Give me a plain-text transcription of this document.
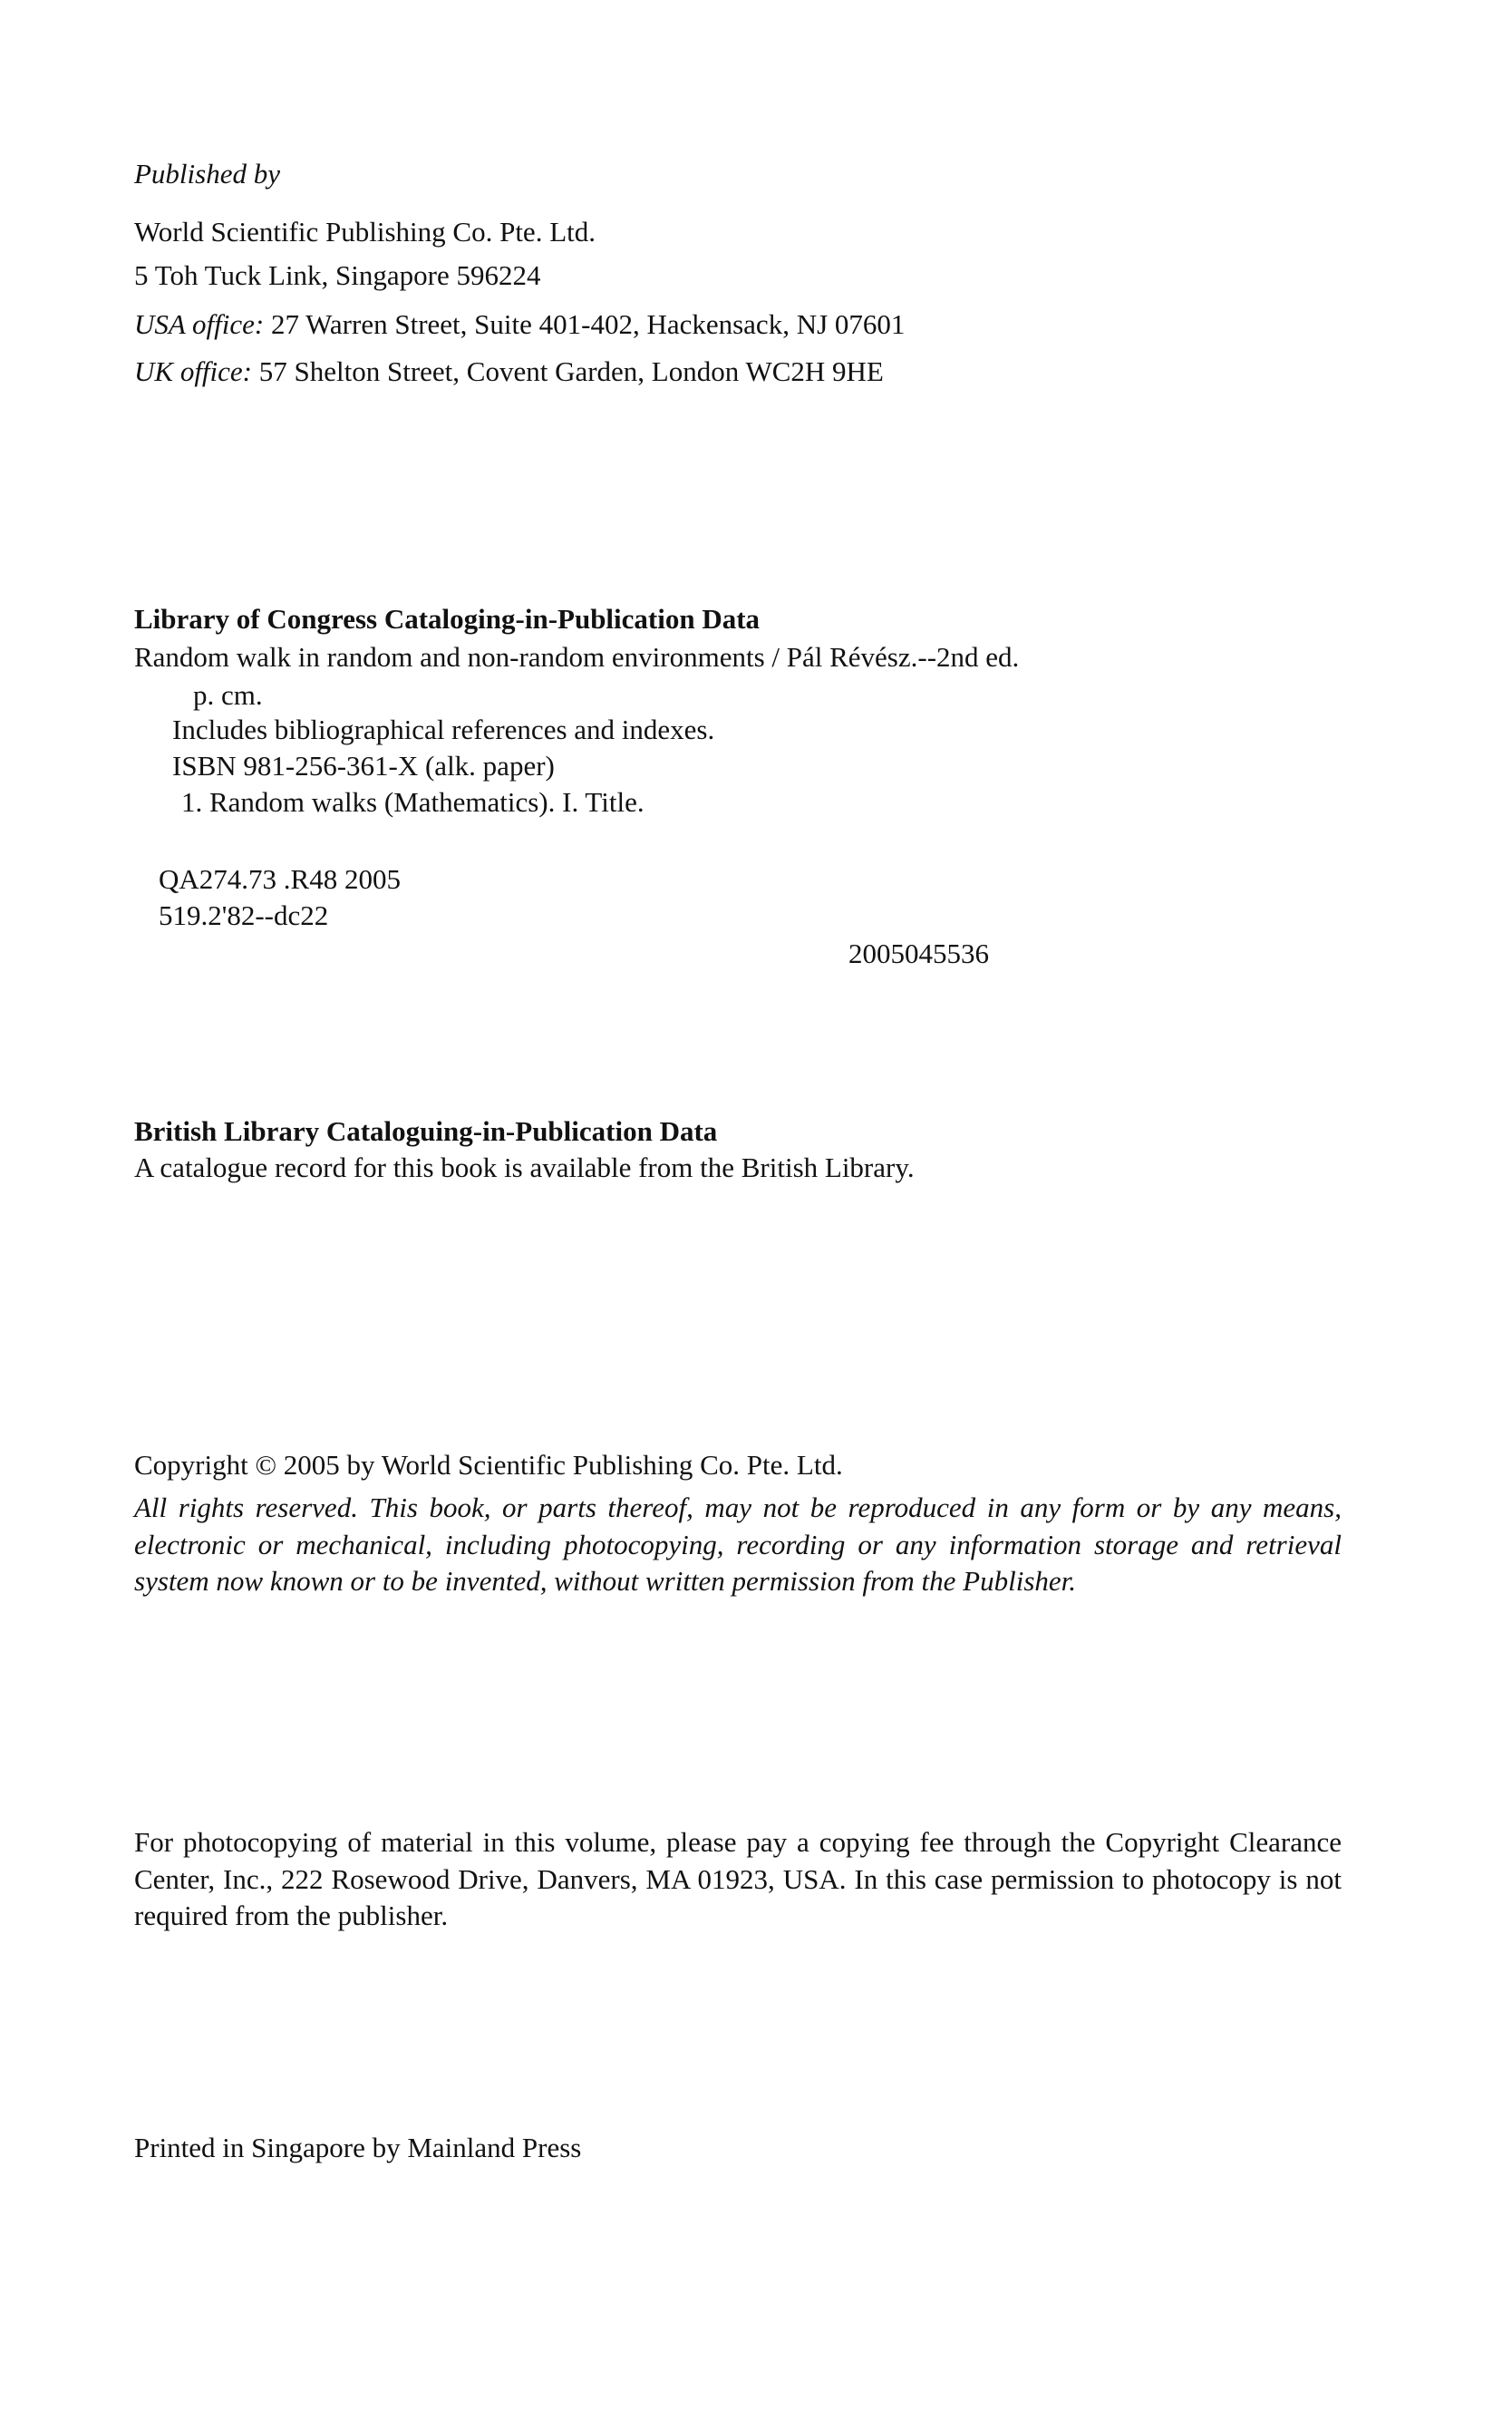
Published by
World Scientific Publishing Co. Pte. Ltd.
5 Toh Tuck Link, Singapore 596224
USA office: 27 Warren Street, Suite 401-402, Hackensack, NJ 07601
UK office: 57 Shelton Street, Covent Garden, London WC2H 9HE
Library of Congress Cataloging-in-Publication Data
Random walk in random and non-random environments / Pál Révész.--2nd ed.
p. cm.
Includes bibliographical references and indexes.
ISBN 981-256-361-X (alk. paper)
1. Random walks (Mathematics). I. Title.
QA274.73 .R48 2005
519.2'82--dc22
2005045536
British Library Cataloguing-in-Publication Data
A catalogue record for this book is available from the British Library.
Copyright © 2005 by World Scientific Publishing Co. Pte. Ltd.
All rights reserved. This book, or parts thereof, may not be reproduced in any form or by any means, electronic or mechanical, including photocopying, recording or any information storage and retrieval system now known or to be invented, without written permission from the Publisher.
For photocopying of material in this volume, please pay a copying fee through the Copyright Clearance Center, Inc., 222 Rosewood Drive, Danvers, MA 01923, USA. In this case permission to photocopy is not required from the publisher.
Printed in Singapore by Mainland Press
